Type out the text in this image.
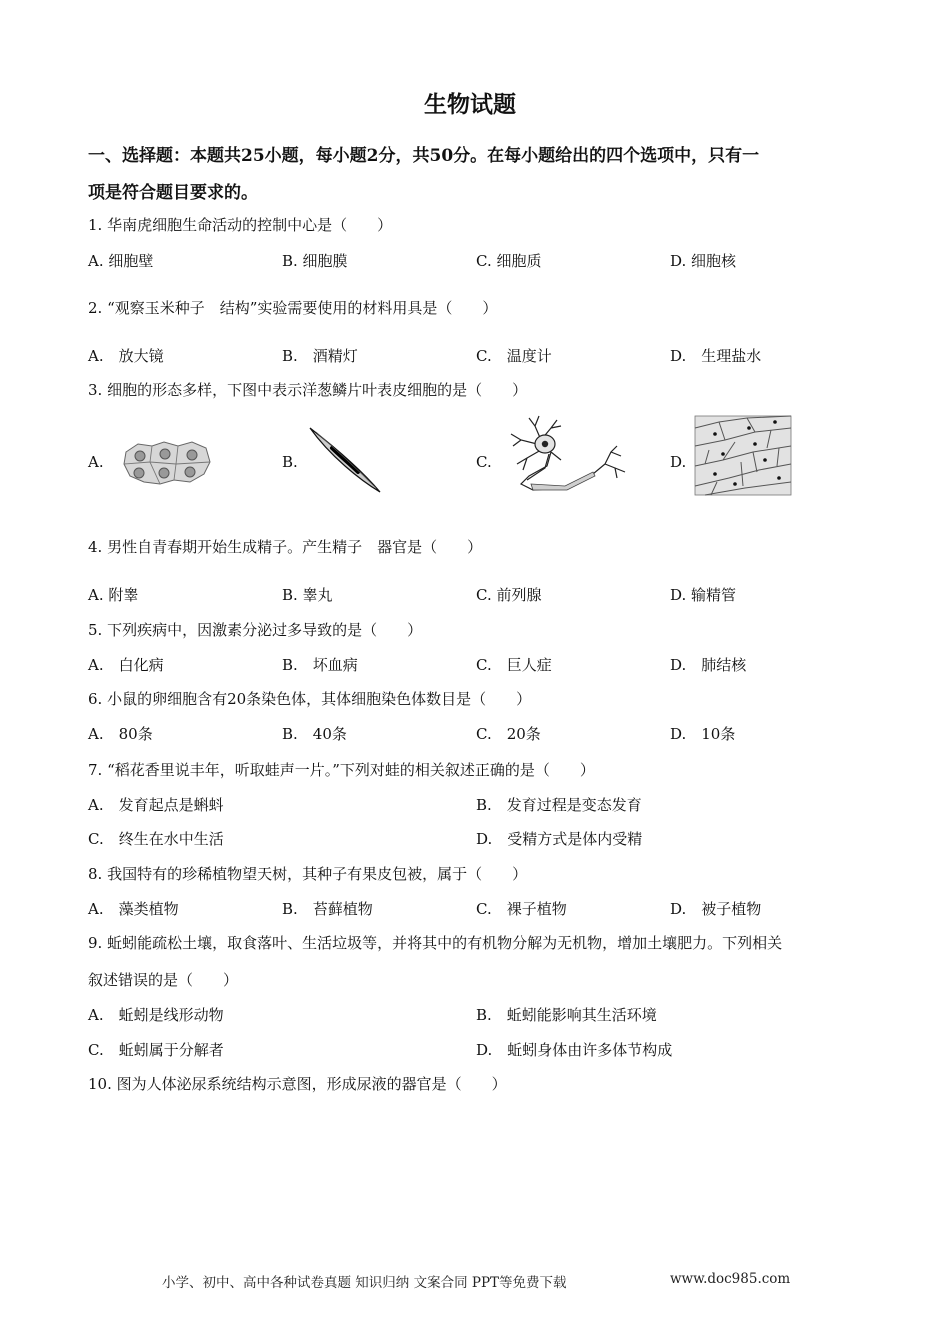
生物试题
一、选择题：本题共25小题，每小题2分，共50分。在每小题给出的四个选项中，只有一
项是符合题目要求的。
1. 华南虎细胞生命活动的控制中心是（　　）
A. 细胞壁	B. 细胞膜	C. 细胞质	D. 细胞核
2. “观察玉米种子　结构”实验需要使用的材料用具是（　　）
A.　放大镜	B.　酒精灯	C.　温度计	D.　生理盐水
3. 细胞的形态多样，下图中表示洋葱鳞片叶表皮细胞的是（　　）
A.	B.	C.	D.
4. 男性自青春期开始生成精子。产生精子　器官是（　　）
A. 附睾	B. 睾丸	C. 前列腺	D. 输精管
5. 下列疾病中，因激素分泌过多导致的是（　　）
A.　白化病	B.　坏血病	C.　巨人症	D.　肺结核
6. 小鼠的卵细胞含有20条染色体，其体细胞染色体数目是（　　）
A.　80条	B.　40条	C.　20条	D.　10条
7. “稻花香里说丰年，听取蛙声一片。”下列对蛙的相关叙述正确的是（　　）
A.　发育起点是蝌蚪	B.　发育过程是变态发育
C.　终生在水中生活	D.　受精方式是体内受精
8. 我国特有的珍稀植物望天树，其种子有果皮包被，属于（　　）
A.　藻类植物	B.　苔藓植物	C.　裸子植物	D.　被子植物
9. 蚯蚓能疏松土壤，取食落叶、生活垃圾等，并将其中的有机物分解为无机物，增加土壤肥力。下列相关
叙述错误的是（　　）
A.　蚯蚓是线形动物	B.　蚯蚓能影响其生活环境
C.　蚯蚓属于分解者	D.　蚯蚓身体由许多体节构成
10. 图为人体泌尿系统结构示意图，形成尿液的器官是（　　）
小学、初中、高中各种试卷真题 知识归纳 文案合同 PPT等免费下载	www.doc985.com
